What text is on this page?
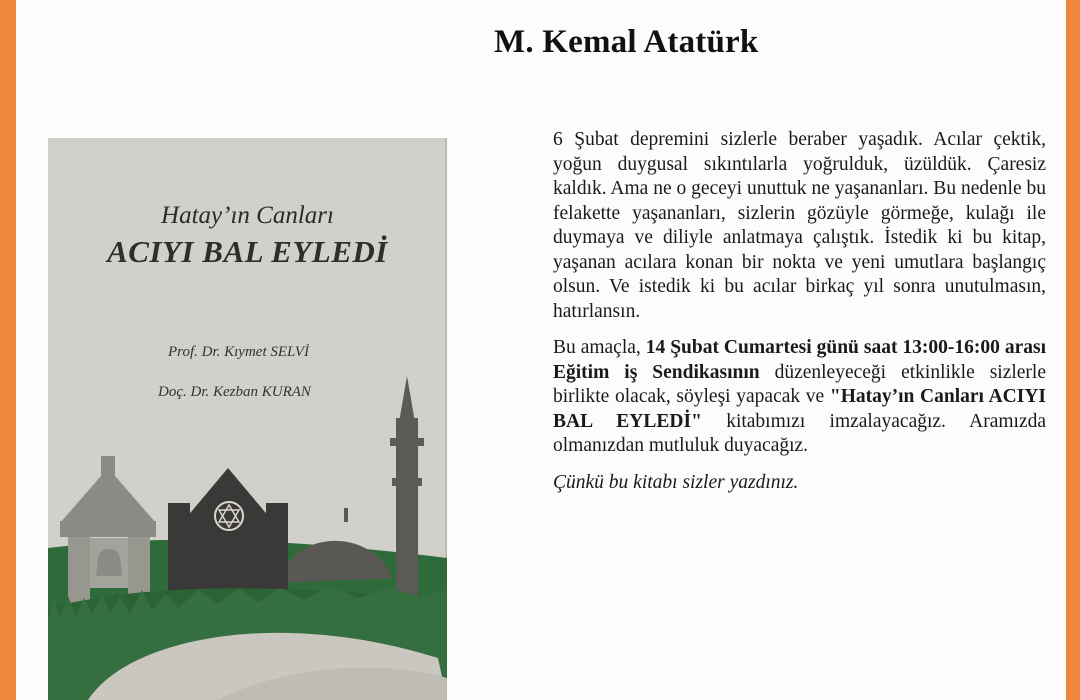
M. Kemal Atatürk
Hatay’ın Canları
ACIYI BAL EYLEDİ
Prof. Dr. Kıymet SELVİ
Doç. Dr. Kezban KURAN

6 Şubat depremini sizlerle beraber yaşadık. Acılar çektik, yoğun duygusal sıkıntılarla yoğrulduk, üzüldük. Çaresiz kaldık. Ama ne o geceyi unuttuk ne yaşananları. Bu nedenle bu felakette yaşananları, sizlerin gözüyle görmeğe, kulağı ile duymaya ve diliyle anlatmaya çalıştık. İstedik ki bu kitap, yaşanan acılara konan bir nokta ve yeni umutlara başlangıç olsun. Ve istedik ki bu acılar birkaç yıl sonra unutulmasın, hatırlansın.

Bu amaçla, 14 Şubat Cumartesi günü saat 13:00-16:00 arası Eğitim iş Sendikasının düzenleyeceği etkinlikle sizlerle birlikte olacak, söyleşi yapacak ve "Hatay’ın Canları ACIYI BAL EYLEDİ" kitabımızı imzalayacağız. Aramızda olmanızdan mutluluk duyacağız.

Çünkü bu kitabı sizler yazdınız.
